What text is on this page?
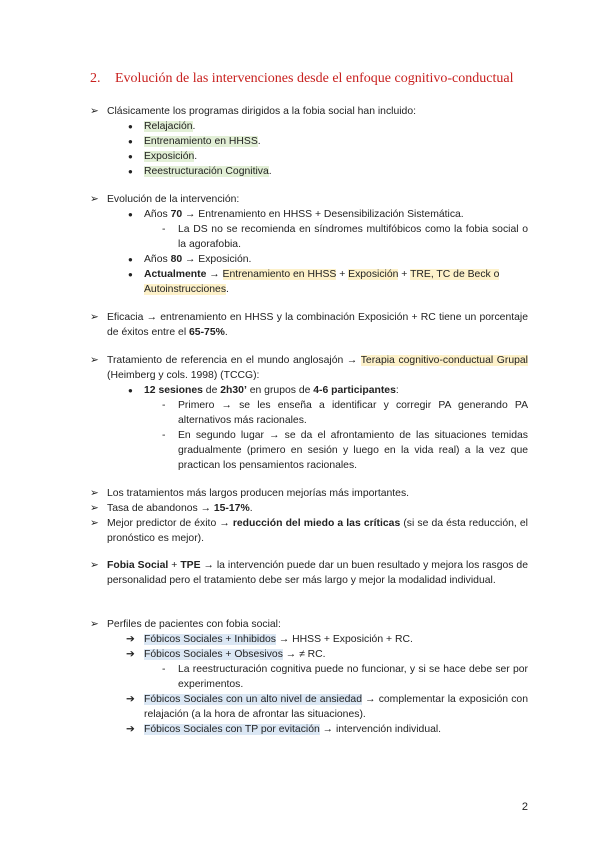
2. Evolución de las intervenciones desde el enfoque cognitivo-conductual
➢ Clásicamente los programas dirigidos a la fobia social han incluido:
● Relajación.
● Entrenamiento en HHSS.
● Exposición.
● Reestructuración Cognitiva.
➢ Evolución de la intervención:
● Años 70 → Entrenamiento en HHSS + Desensibilización Sistemática.
- La DS no se recomienda en síndromes multifóbicos como la fobia social o la agorafobia.
● Años 80 → Exposición.
● Actualmente → Entrenamiento en HHSS + Exposición + TRE, TC de Beck o Autoinstrucciones.
➢ Eficacia → entrenamiento en HHSS y la combinación Exposición + RC tiene un porcentaje de éxitos entre el 65-75%.
➢ Tratamiento de referencia en el mundo anglosajón → Terapia cognitivo-conductual Grupal (Heimberg y cols. 1998) (TCCG):
● 12 sesiones de 2h30’ en grupos de 4-6 participantes:
- Primero → se les enseña a identificar y corregir PA generando PA alternativos más racionales.
- En segundo lugar → se da el afrontamiento de las situaciones temidas gradualmente (primero en sesión y luego en la vida real) a la vez que practican los pensamientos racionales.
➢ Los tratamientos más largos producen mejorías más importantes.
➢ Tasa de abandonos → 15-17%.
➢ Mejor predictor de éxito → reducción del miedo a las críticas (si se da ésta reducción, el pronóstico es mejor).
➢ Fobia Social + TPE → la intervención puede dar un buen resultado y mejora los rasgos de personalidad pero el tratamiento debe ser más largo y mejor la modalidad individual.
➢ Perfiles de pacientes con fobia social:
➔ Fóbicos Sociales + Inhibidos → HHSS + Exposición + RC.
➔ Fóbicos Sociales + Obsesivos → ≠ RC.
- La reestructuración cognitiva puede no funcionar, y si se hace debe ser por experimentos.
➔ Fóbicos Sociales con un alto nivel de ansiedad → complementar la exposición con relajación (a la hora de afrontar las situaciones).
➔ Fóbicos Sociales con TP por evitación → intervención individual.
2
